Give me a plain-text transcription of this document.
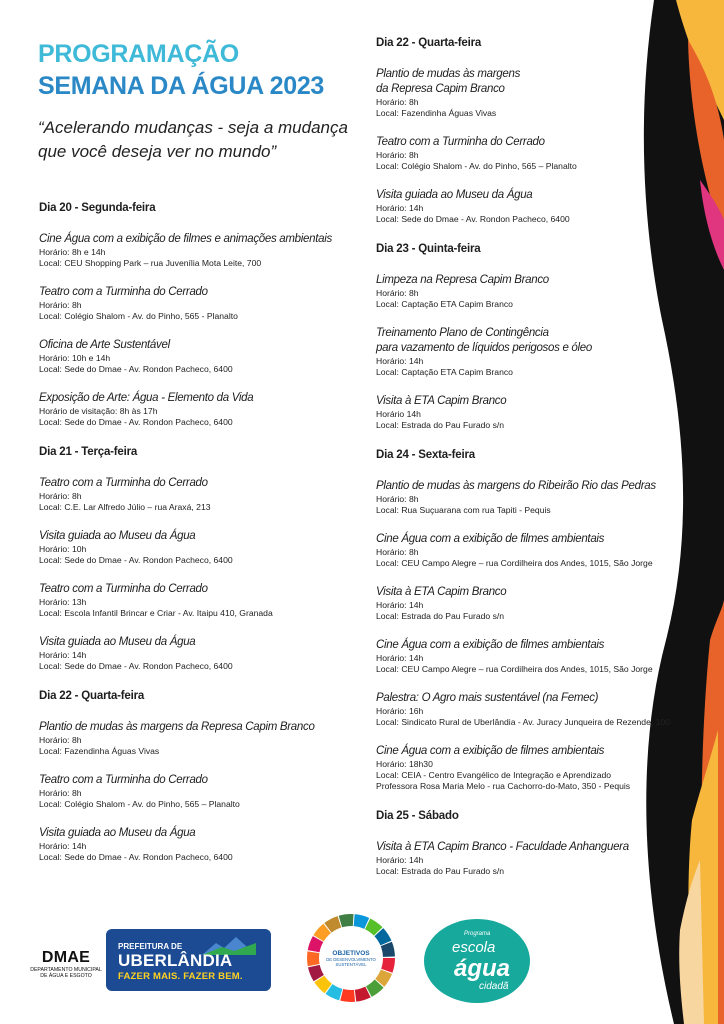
PROGRAMAÇÃO
SEMANA DA ÁGUA 2023

“Acelerando mudanças - seja a mudança que você deseja ver no mundo”

Dia 20 - Segunda-feira
Cine Água com a exibição de filmes e animações ambientais
Horário: 8h e 14h
Local: CEU Shopping Park – rua Juvenília Mota Leite, 700
Teatro com a Turminha do Cerrado
Horário: 8h
Local: Colégio Shalom - Av. do Pinho, 565 - Planalto
Oficina de Arte Sustentável
Horário: 10h e 14h
Local: Sede do Dmae - Av. Rondon Pacheco, 6400
Exposição de Arte: Água - Elemento da Vida
Horário de visitação: 8h às 17h
Local: Sede do Dmae - Av. Rondon Pacheco, 6400
Dia 21 - Terça-feira
Teatro com a Turminha do Cerrado
Horário: 8h
Local: C.E. Lar Alfredo Júlio – rua Araxá, 213
Visita guiada ao Museu da Água
Horário: 10h
Local: Sede do Dmae - Av. Rondon Pacheco, 6400
Teatro com a Turminha do Cerrado
Horário: 13h
Local: Escola Infantil Brincar e Criar - Av. Itaipu 410, Granada
Visita guiada ao Museu da Água
Horário: 14h
Local: Sede do Dmae - Av. Rondon Pacheco, 6400
Dia 22 - Quarta-feira
Plantio de mudas às margens da Represa Capim Branco
Horário: 8h
Local: Fazendinha Águas Vivas
Teatro com a Turminha do Cerrado
Horário: 8h
Local: Colégio Shalom - Av. do Pinho, 565 – Planalto
Visita guiada ao Museu da Água
Horário: 14h
Local: Sede do Dmae - Av. Rondon Pacheco, 6400
Dia 22 - Quarta-feira
Plantio de mudas às margens
da Represa Capim Branco
Horário: 8h
Local: Fazendinha Águas Vivas
Teatro com a Turminha do Cerrado
Horário: 8h
Local: Colégio Shalom - Av. do Pinho, 565 – Planalto
Visita guiada ao Museu da Água
Horário: 14h
Local: Sede do Dmae - Av. Rondon Pacheco, 6400
Dia 23 - Quinta-feira
Limpeza na Represa Capim Branco
Horário: 8h
Local: Captação ETA Capim Branco
Treinamento Plano de Contingência
para vazamento de líquidos perigosos e óleo
Horário: 14h
Local: Captação ETA Capim Branco
Visita à ETA Capim Branco
Horário 14h
Local: Estrada do Pau Furado s/n
Dia 24 - Sexta-feira
Plantio de mudas às margens do Ribeirão Rio das Pedras
Horário: 8h
Local: Rua Suçuarana com rua Tapiti - Pequis
Cine Água com a exibição de filmes ambientais
Horário: 8h
Local: CEU Campo Alegre – rua Cordilheira dos Andes, 1015, São Jorge
Visita à ETA Capim Branco
Horário: 14h
Local: Estrada do Pau Furado s/n
Cine Água com a exibição de filmes ambientais
Horário: 14h
Local: CEU Campo Alegre – rua Cordilheira dos Andes, 1015, São Jorge
Palestra: O Agro mais sustentável (na Femec)
Horário: 16h
Local: Sindicato Rural de Uberlândia - Av. Juracy Junqueira de Rezende, 100
Cine Água com a exibição de filmes ambientais
Horário: 18h30
Local: CEIA - Centro Evangélico de Integração e Aprendizado
Professora Rosa Maria Melo - rua Cachorro-do-Mato, 350 - Pequis
Dia 25 - Sábado
Visita à ETA Capim Branco - Faculdade Anhanguera
Horário: 14h
Local: Estrada do Pau Furado s/n
DMAE
DEPARTAMENTO MUNICIPAL
DE ÁGUA E ESGOTO
PREFEITURA DE
UBERLÂNDIA
FAZER MAIS. FAZER BEM.
OBJETIVOS
DE DESENVOLVIMENTO
SUSTENTÁVEL
Programa
escola
água
cidadã
